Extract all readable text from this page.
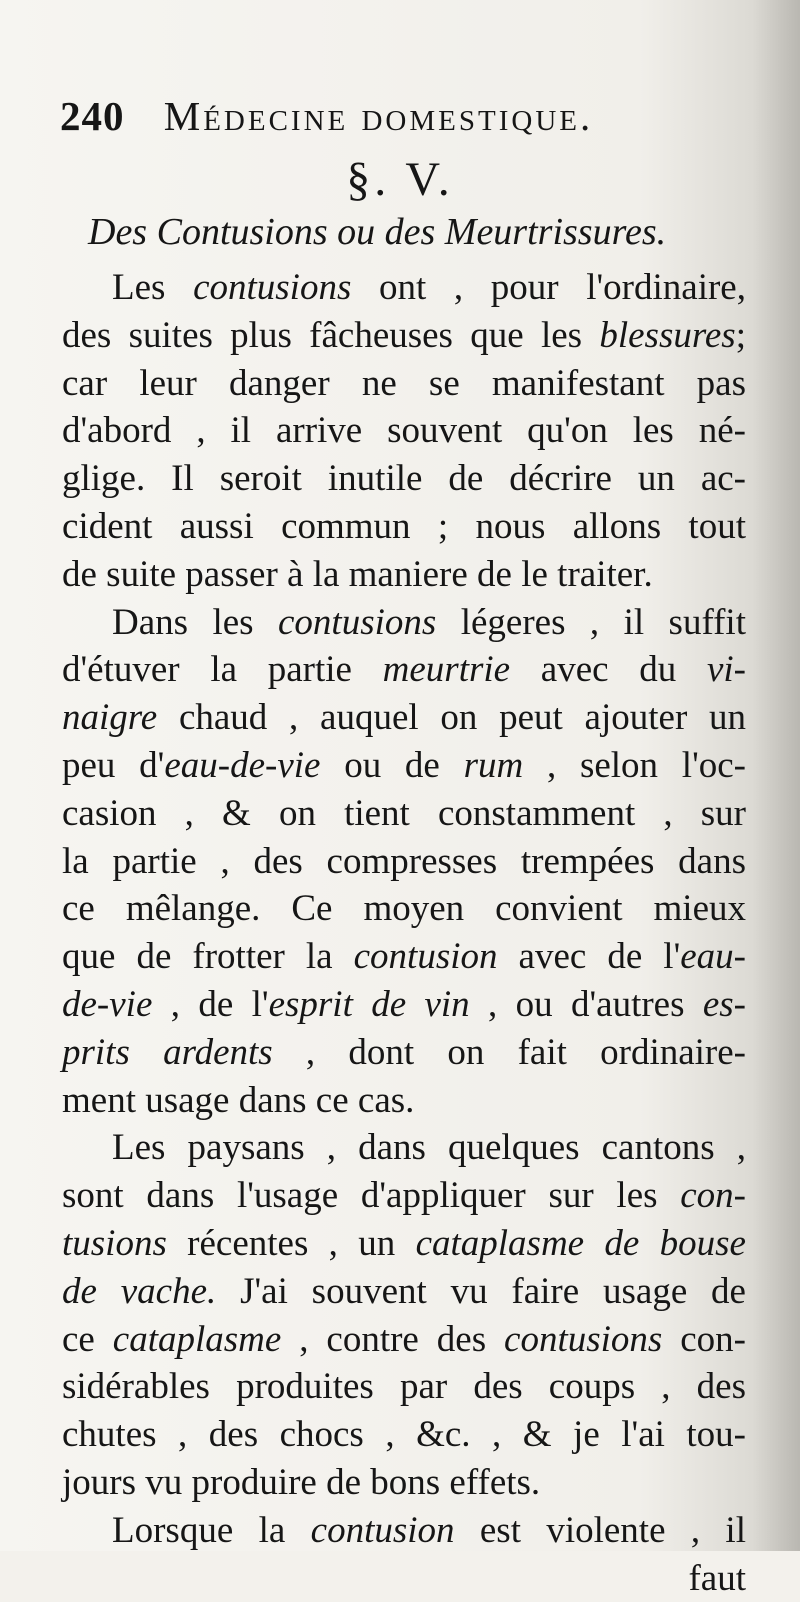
240 Médecine domestique.
§. V.
Des Contusions ou des Meurtrissures.
Les contusions ont , pour l'ordinaire,
des suites plus fâcheuses que les blessures;
car leur danger ne se manifestant pas
d'abord , il arrive souvent qu'on les né-
glige. Il seroit inutile de décrire un ac-
cident aussi commun ; nous allons tout
de suite passer à la maniere de le traiter.
Dans les contusions légeres , il suffit
d'étuver la partie meurtrie avec du vi-
naigre chaud , auquel on peut ajouter un
peu d'eau-de-vie ou de rum , selon l'oc-
casion , & on tient constamment , sur
la partie , des compresses trempées dans
ce mêlange. Ce moyen convient mieux
que de frotter la contusion avec de l'eau-
de-vie , de l'esprit de vin , ou d'autres es-
prits ardents , dont on fait ordinaire-
ment usage dans ce cas.
Les paysans , dans quelques cantons ,
sont dans l'usage d'appliquer sur les con-
tusions récentes , un cataplasme de bouse
de vache. J'ai souvent vu faire usage de
ce cataplasme , contre des contusions con-
sidérables produites par des coups , des
chutes , des chocs , &c. , & je l'ai tou-
jours vu produire de bons effets.
Lorsque la contusion est violente , il
faut
